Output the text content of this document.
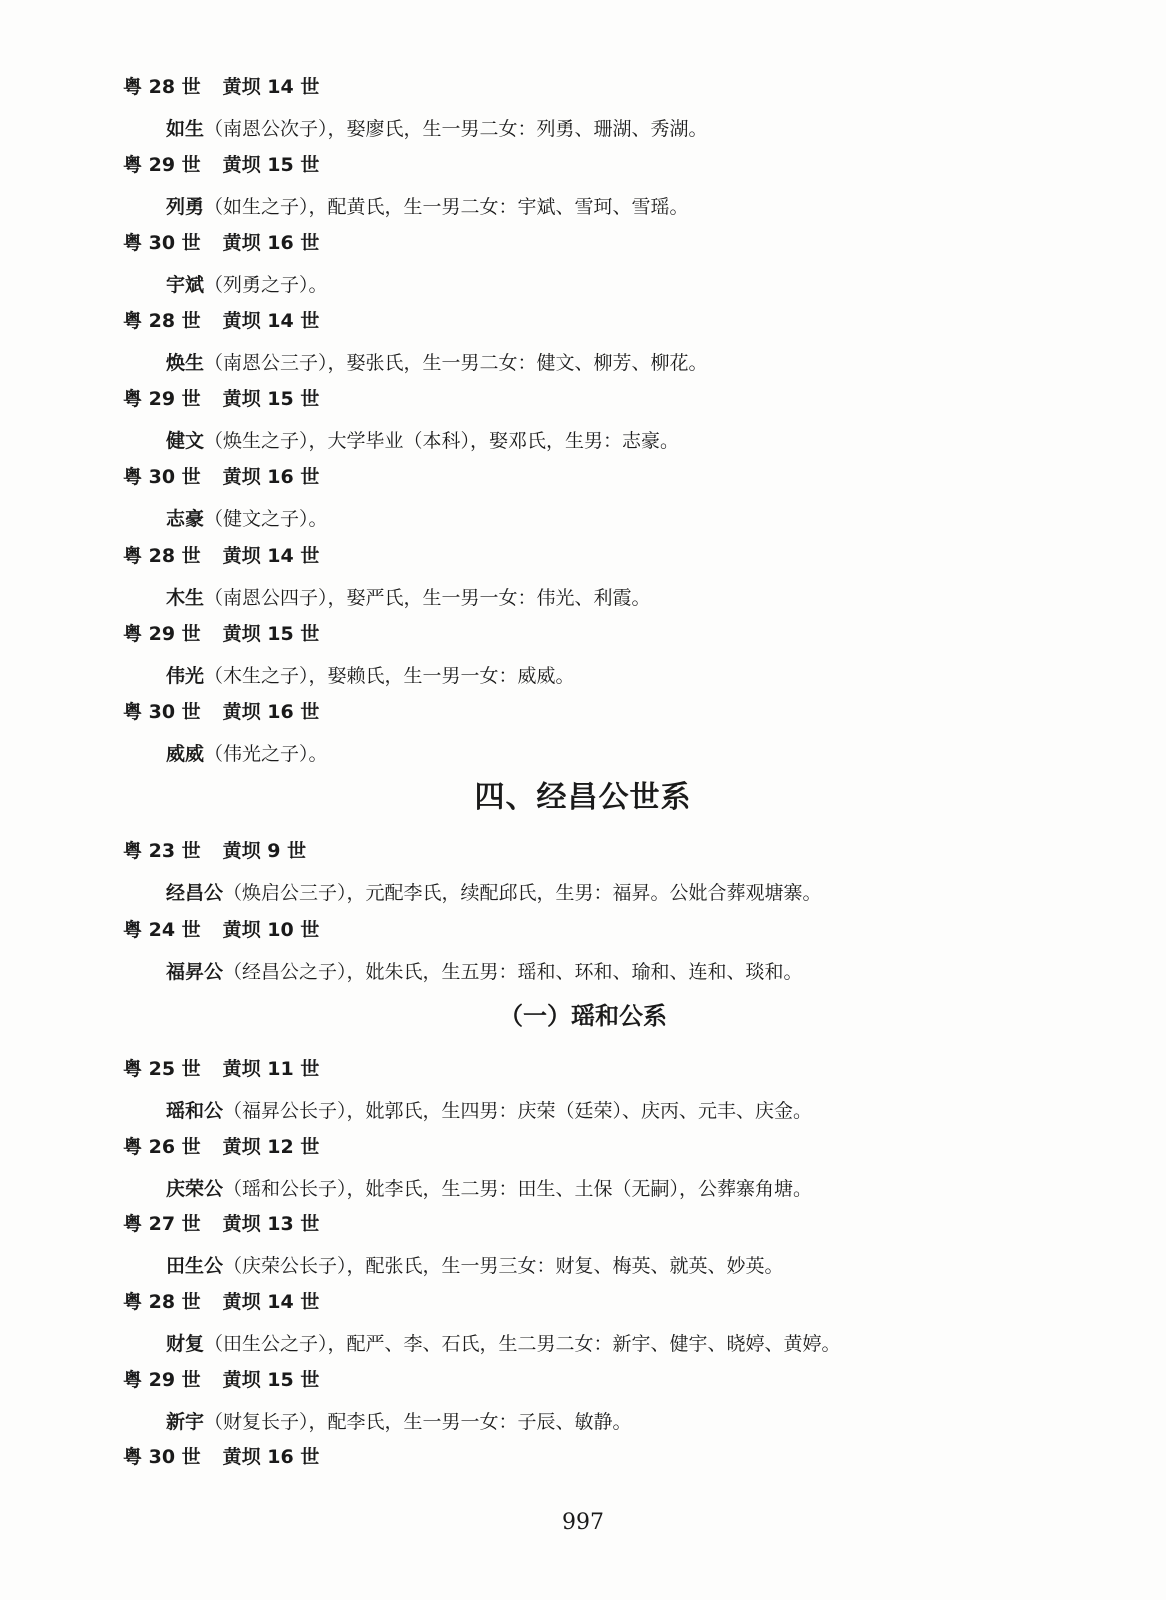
粤 28 世 黄坝 14 世
如生（南恩公次子），娶廖氏，生一男二女：列勇、珊湖、秀湖。
粤 29 世 黄坝 15 世
列勇（如生之子），配黄氏，生一男二女：宇斌、雪珂、雪瑶。
粤 30 世 黄坝 16 世
宇斌（列勇之子）。
粤 28 世 黄坝 14 世
焕生（南恩公三子），娶张氏，生一男二女：健文、柳芳、柳花。
粤 29 世 黄坝 15 世
健文（焕生之子），大学毕业（本科），娶邓氏，生男：志豪。
粤 30 世 黄坝 16 世
志豪（健文之子）。
粤 28 世 黄坝 14 世
木生（南恩公四子），娶严氏，生一男一女：伟光、利霞。
粤 29 世 黄坝 15 世
伟光（木生之子），娶赖氏，生一男一女：威威。
粤 30 世 黄坝 16 世
威威（伟光之子）。
四、经昌公世系
粤 23 世 黄坝 9 世
经昌公（焕启公三子），元配李氏，续配邱氏，生男：福昇。公妣合葬观塘寨。
粤 24 世 黄坝 10 世
福昇公（经昌公之子），妣朱氏，生五男：瑶和、环和、瑜和、连和、琰和。
（一）瑶和公系
粤 25 世 黄坝 11 世
瑶和公（福昇公长子），妣郭氏，生四男：庆荣（廷荣）、庆丙、元丰、庆金。
粤 26 世 黄坝 12 世
庆荣公（瑶和公长子），妣李氏，生二男：田生、土保（无嗣），公葬寨角塘。
粤 27 世 黄坝 13 世
田生公（庆荣公长子），配张氏，生一男三女：财复、梅英、就英、妙英。
粤 28 世 黄坝 14 世
财复（田生公之子），配严、李、石氏，生二男二女：新宇、健宇、晓婷、黄婷。
粤 29 世 黄坝 15 世
新宇（财复长子），配李氏，生一男一女：子辰、敏静。
粤 30 世 黄坝 16 世
997
